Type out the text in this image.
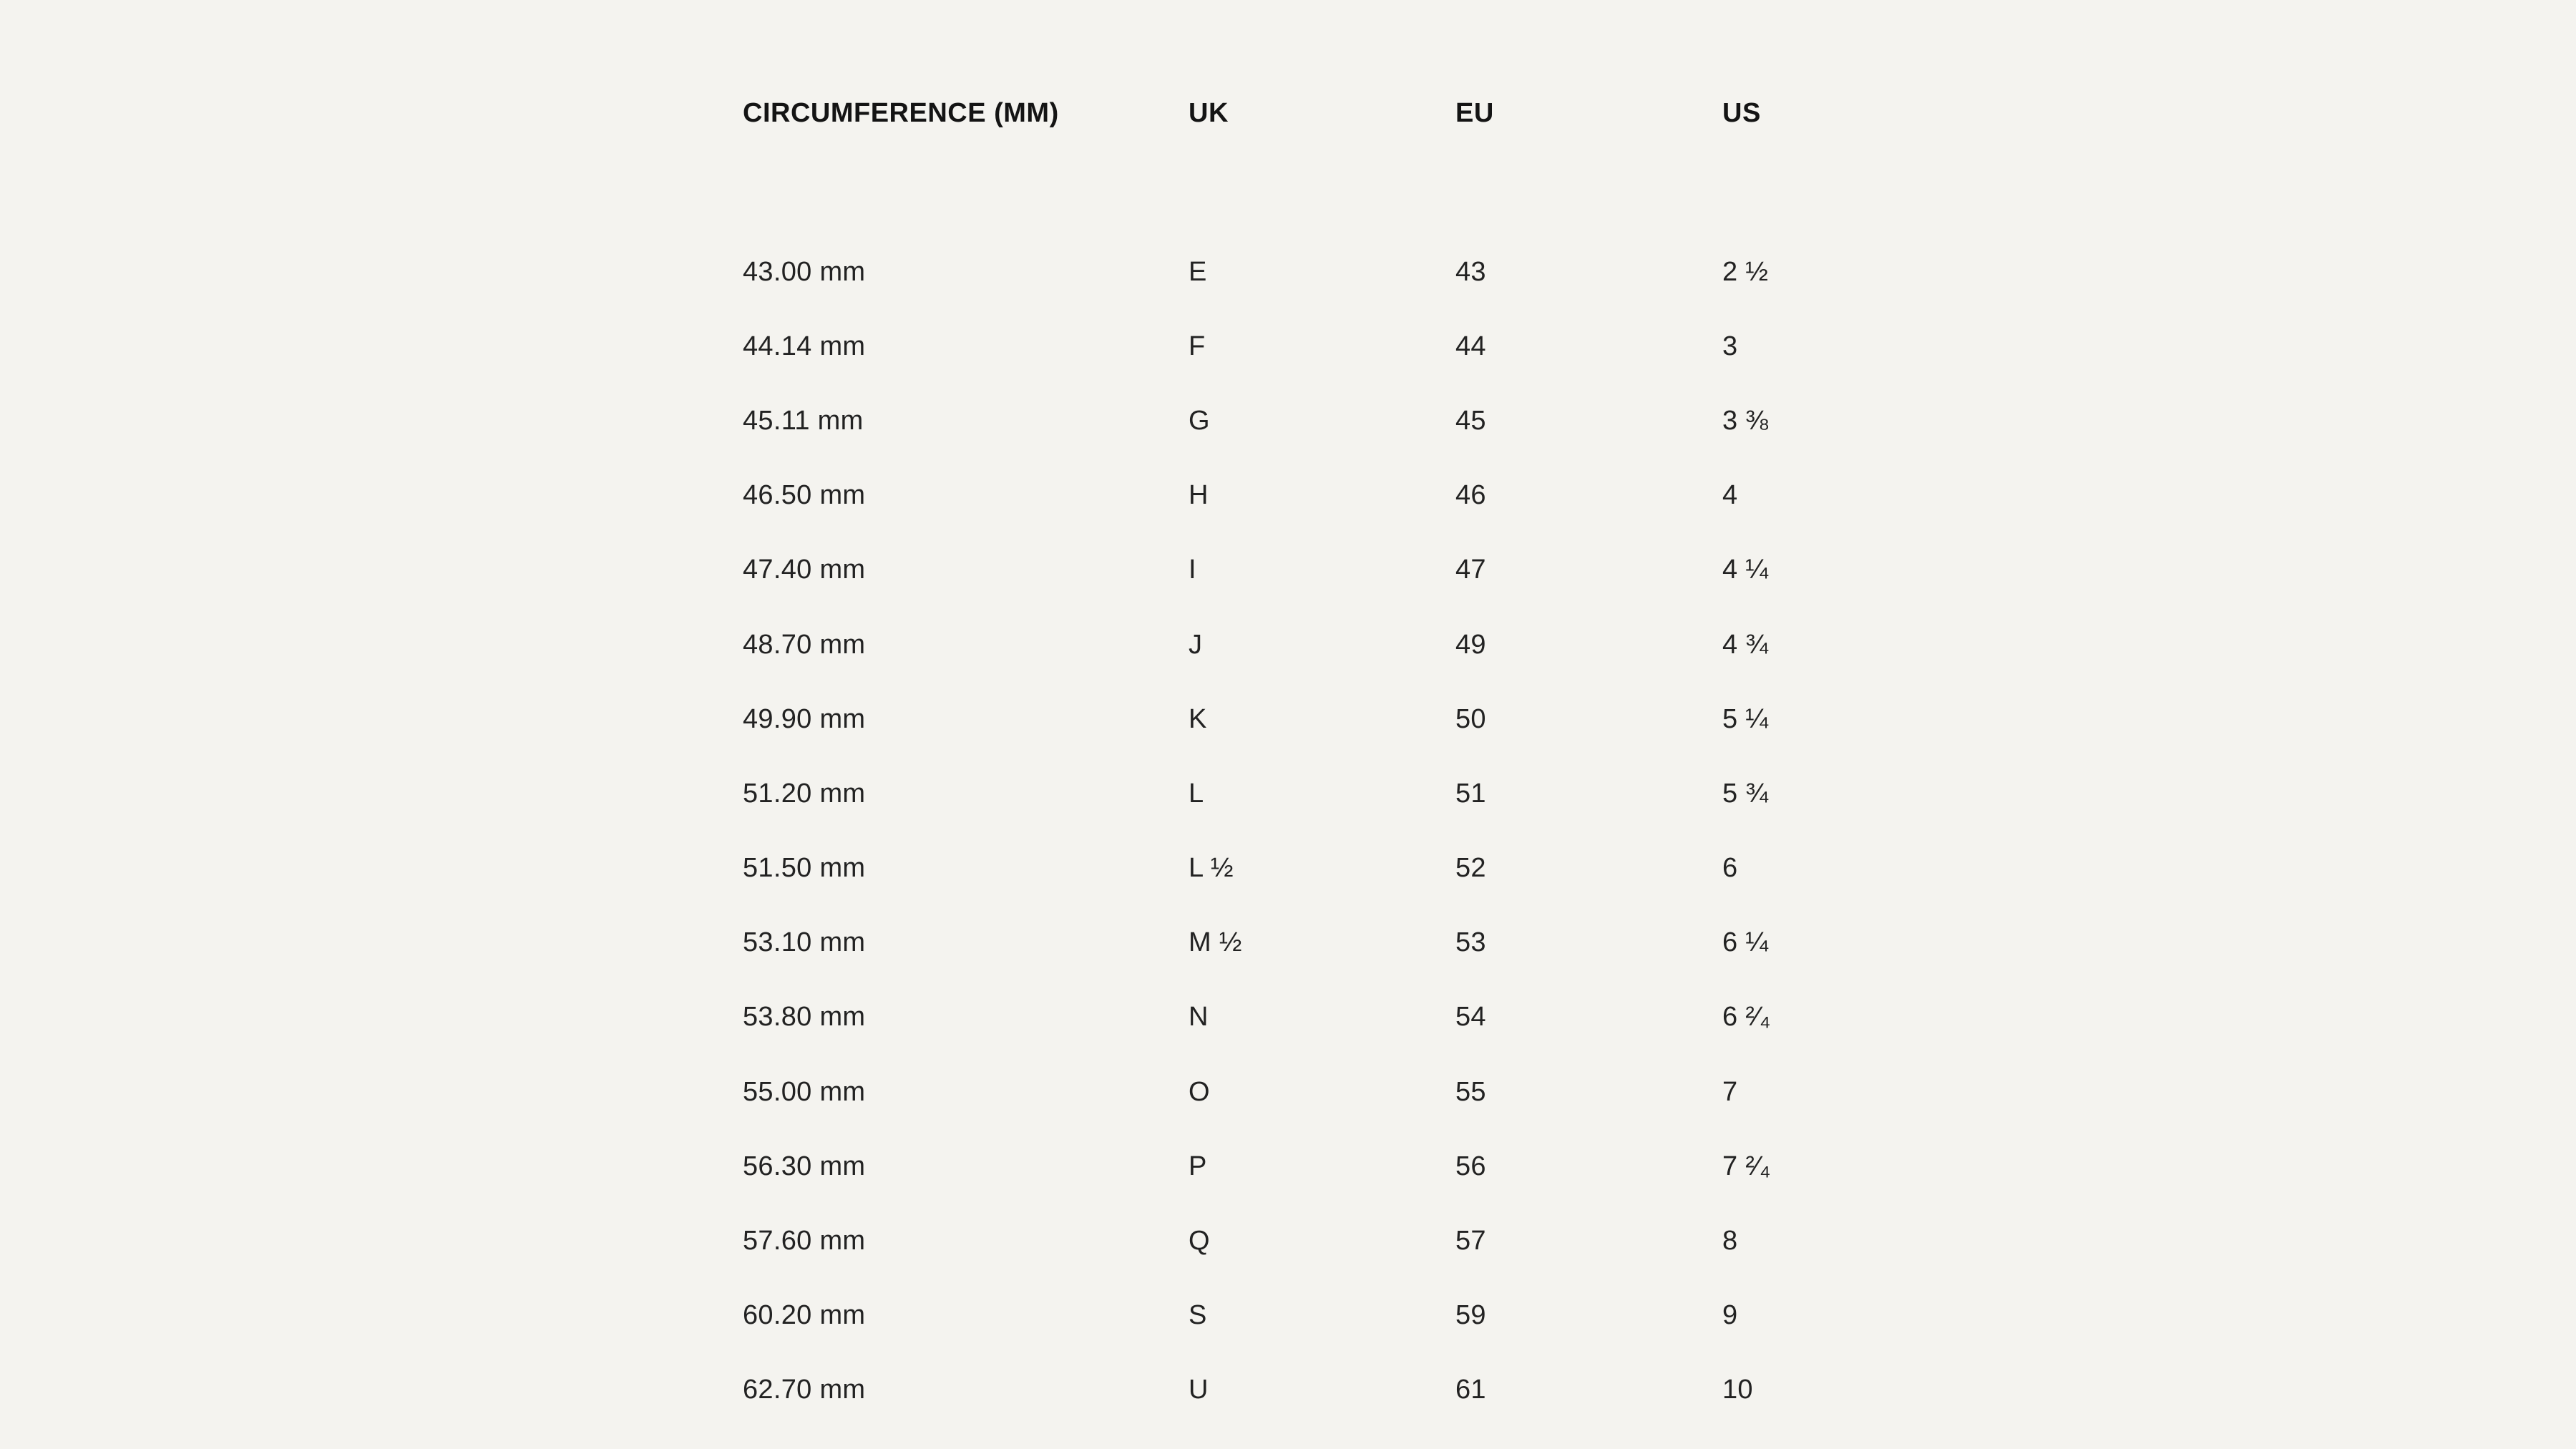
CIRCUMFERENCE (MM)	UK	EU	US
43.00 mm	E	43	2 ½
44.14 mm	F	44	3
45.11 mm	G	45	3 ⅜
46.50 mm	H	46	4
47.40 mm	I	47	4 ¼
48.70 mm	J	49	4 ¾
49.90 mm	K	50	5 ¼
51.20 mm	L	51	5 ¾
51.50 mm	L ½	52	6
53.10 mm	M ½	53	6 ¼
53.80 mm	N	54	6 ²⁄₄
55.00 mm	O	55	7
56.30 mm	P	56	7 ²⁄₄
57.60 mm	Q	57	8
60.20 mm	S	59	9
62.70 mm	U	61	10
